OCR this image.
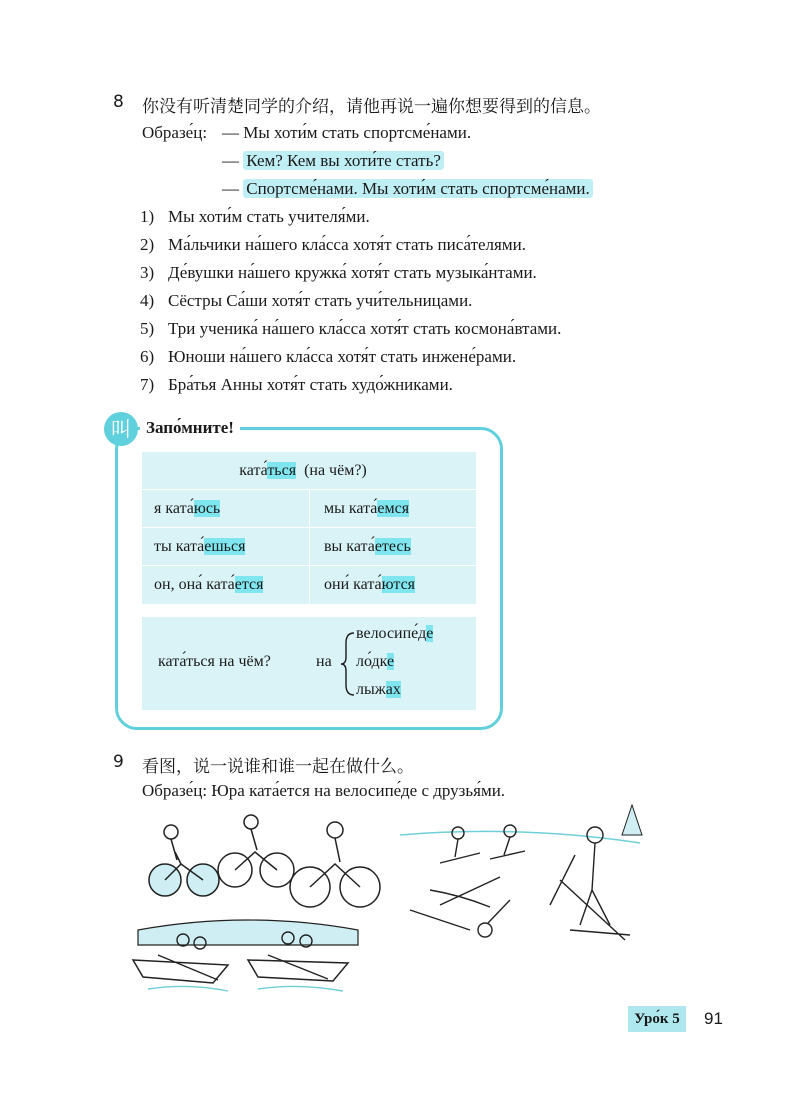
8 你没有听清楚同学的介绍，请他再说一遍你想要得到的信息。
Образе́ц: — Мы хоти́м стать спортсме́нами.
— Кем? Кем вы хоти́те стать?
— Спортсме́нами. Мы хоти́м стать спортсме́нами.
1) Мы хоти́м стать учителя́ми.
2) Ма́льчики на́шего кла́сса хотя́т стать писа́телями.
3) Де́вушки на́шего кружка́ хотя́т стать музыка́нтами.
4) Сёстры Са́ши хотя́т стать учи́тельницами.
5) Три ученика́ на́шего кла́сса хотя́т стать космона́втами.
6) Юноши на́шего кла́сса хотя́т стать инжене́рами.
7) Бра́тья Анны хотя́т стать худо́жниками.
叫 Запо́мните!
ката́ться (на чём?)
я ката́юсь	мы ката́емся
ты ката́ешься	вы ката́етесь
он, она́ ката́ется	они́ ката́ются
ката́ться на чём?	на
велосипе́де
ло́дке
лыжах
9 看图，说一说谁和谁一起在做什么。
Образе́ц: Юра ката́ется на велосипе́де с друзья́ми.
Уро́к 5	91
